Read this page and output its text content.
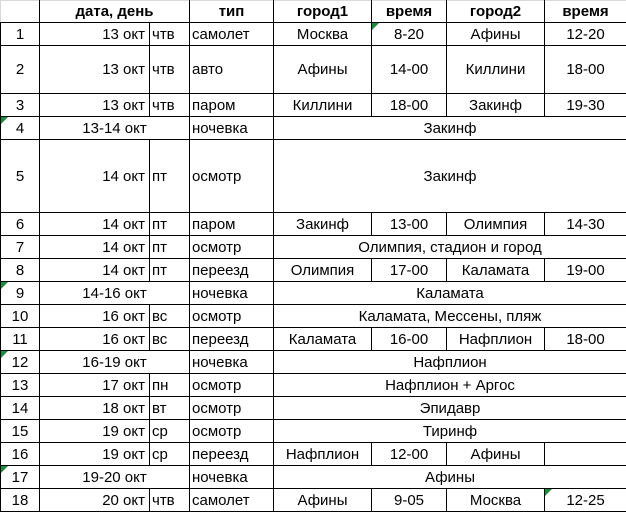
	дата, день		тип	город1	время	город2	время
1	13 окт	чтв	самолет	Москва	8-20	Афины	12-20
2	13 окт	чтв	авто	Афины	14-00	Киллини	18-00
3	13 окт	чтв	паром	Киллини	18-00	Закинф	19-30
4	13-14 окт		ночевка	Закинф			
5	14 окт	пт	осмотр	Закинф			
6	14 окт	пт	паром	Закинф	13-00	Олимпия	14-30
7	14 окт	пт	осмотр	Олимпия, стадион и город			
8	14 окт	пт	переезд	Олимпия	17-00	Каламата	19-00
9	14-16 окт		ночевка	Каламата			
10	16 окт	вс	осмотр	Каламата, Мессены, пляж			
11	16 окт	вс	переезд	Каламата	16-00	Нафплион	18-00
12	16-19 окт		ночевка	Нафплион			
13	17 окт	пн	осмотр	Нафплион + Аргос			
14	18 окт	вт	осмотр	Эпидавр			
15	19 окт	ср	осмотр	Тиринф			
16	19 окт	ср	переезд	Нафплион	12-00	Афины	
17	19-20 окт		ночевка	Афины			
18	20 окт	чтв	самолет	Афины	9-05	Москва	12-25
